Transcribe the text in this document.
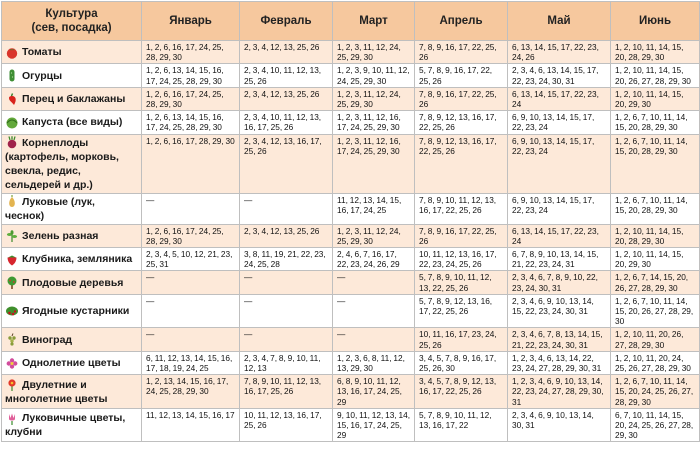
Культура
(сев, посадка)	Январь	Февраль	Март	Апрель	Май	Июнь

Томаты	1, 2, 6, 16, 17, 24, 25, 28, 29, 30	2, 3, 4, 12, 13, 25, 26	1, 2, 3, 11, 12, 24, 25, 29, 30	7, 8, 9, 16, 17, 22, 25, 26	6, 13, 14, 15, 17, 22, 23, 24, 26	1, 2, 10, 11, 14, 15, 20, 28, 29, 30

Огурцы	1, 2, 6, 13, 14, 15, 16, 17, 24, 25, 28, 29, 30	2, 3, 4, 10, 11, 12, 13, 25, 26	1, 2, 3, 9, 10, 11, 12, 24, 25, 29, 30	5, 7, 8, 9, 16, 17, 22, 25, 26	2, 3, 4, 6, 13, 14, 15, 17, 22, 23, 24, 30, 31	1, 2, 10, 11, 14, 15, 20, 26, 27, 28, 29, 30

Перец и баклажаны	1, 2, 6, 16, 17, 24, 25, 28, 29, 30	2, 3, 4, 12, 13, 25, 26	1, 2, 3, 11, 12, 24, 25, 29, 30	7, 8, 9, 16, 17, 22, 25, 26	6, 13, 14, 15, 17, 22, 23, 24	1, 2, 10, 11, 14, 15, 20, 29, 30

Капуста (все виды)	1, 2, 6, 13, 14, 15, 16, 17, 24, 25, 28, 29, 30	2, 3, 4, 10, 11, 12, 13, 16, 17, 25, 26	1, 2, 3, 11, 12, 16, 17, 24, 25, 29, 30	7, 8, 9, 12, 13, 16, 17, 22, 25, 26	6, 9, 10, 13, 14, 15, 17, 22, 23, 24	1, 2, 6, 7, 10, 11, 14, 15, 20, 28, 29, 30

Корнеплоды (картофель, морковь, свекла, редис, сельдерей и др.)	1, 2, 6, 16, 17, 28, 29, 30	2, 3, 4, 12, 13, 16, 17, 25, 26	1, 2, 3, 11, 12, 16, 17, 24, 25, 29, 30	7, 8, 9, 12, 13, 16, 17, 22, 25, 26	6, 9, 10, 13, 14, 15, 17, 22, 23, 24	1, 2, 6, 7, 10, 11, 14, 15, 20, 28, 29, 30

Луковые (лук, чеснок)	—	—	11, 12, 13, 14, 15, 16, 17, 24, 25	7, 8, 9, 10, 11, 12, 13, 16, 17, 22, 25, 26	6, 9, 10, 13, 14, 15, 17, 22, 23, 24	1, 2, 6, 7, 10, 11, 14, 15, 20, 28, 29, 30

Зелень разная	1, 2, 6, 16, 17, 24, 25, 28, 29, 30	2, 3, 4, 12, 13, 25, 26	1, 2, 3, 11, 12, 24, 25, 29, 30	7, 8, 9, 16, 17, 22, 25, 26	6, 13, 14, 15, 17, 22, 23, 24	1, 2, 10, 11, 14, 15, 20, 28, 29, 30

Клубника, земляника	2, 3, 4, 5, 10, 12, 21, 23, 25, 31	3, 8, 11, 19, 21, 22, 23, 24, 25, 28	2, 4, 6, 7, 16, 17, 22, 23, 24, 26, 29	10, 11, 12, 13, 16, 17, 22, 23, 24, 25, 26	6, 7, 8, 9, 10, 13, 14, 15, 21, 22, 23, 24, 31	1, 2, 10, 11, 14, 15, 20, 29, 30

Плодовые деревья	—	—	—	5, 7, 8, 9, 10, 11, 12, 13, 22, 25, 26	2, 3, 4, 6, 7, 8, 9, 10, 22, 23, 24, 30, 31	1, 2, 6, 7, 14, 15, 20, 26, 27, 28, 29, 30

Ягодные кустарники	—	—	—	5, 7, 8, 9, 12, 13, 16, 17, 22, 25, 26	2, 3, 4, 6, 9, 10, 13, 14, 15, 22, 23, 24, 30, 31	1, 2, 6, 7, 10, 11, 14, 15, 20, 26, 27, 28, 29, 30

Виноград	—	—	—	10, 11, 16, 17, 23, 24, 25, 26	2, 3, 4, 6, 7, 8, 13, 14, 15, 21, 22, 23, 24, 30, 31	1, 2, 10, 11, 20, 26, 27, 28, 29, 30

Однолетние цветы	6, 11, 12, 13, 14, 15, 16, 17, 18, 19, 24, 25	2, 3, 4, 7, 8, 9, 10, 11, 12, 13	1, 2, 3, 6, 8, 11, 12, 13, 29, 30	3, 4, 5, 7, 8, 9, 16, 17, 25, 26, 30	1, 2, 3, 4, 6, 13, 14, 22, 23, 24, 27, 28, 29, 30, 31	1, 2, 10, 11, 20, 24, 25, 26, 27, 28, 29, 30

Двулетние и многолетние цветы	1, 2, 13, 14, 15, 16, 17, 24, 25, 28, 29, 30	7, 8, 9, 10, 11, 12, 13, 16, 17, 25, 26	6, 8, 9, 10, 11, 12, 13, 16, 17, 24, 25, 29	3, 4, 5, 7, 8, 9, 12, 13, 16, 17, 22, 25, 26	1, 2, 3, 4, 6, 9, 10, 13, 14, 22, 23, 24, 27, 28, 29, 30, 31	1, 2, 6, 7, 10, 11, 14, 15, 20, 24, 25, 26, 27, 28, 29, 30

Луковичные цветы, клубни	11, 12, 13, 14, 15, 16, 17	10, 11, 12, 13, 16, 17, 25, 26	9, 10, 11, 12, 13, 14, 15, 16, 17, 24, 25, 29	5, 7, 8, 9, 10, 11, 12, 13, 16, 17, 22	2, 3, 4, 6, 9, 10, 13, 14, 30, 31	6, 7, 10, 11, 14, 15, 20, 24, 25, 26, 27, 28, 29, 30
